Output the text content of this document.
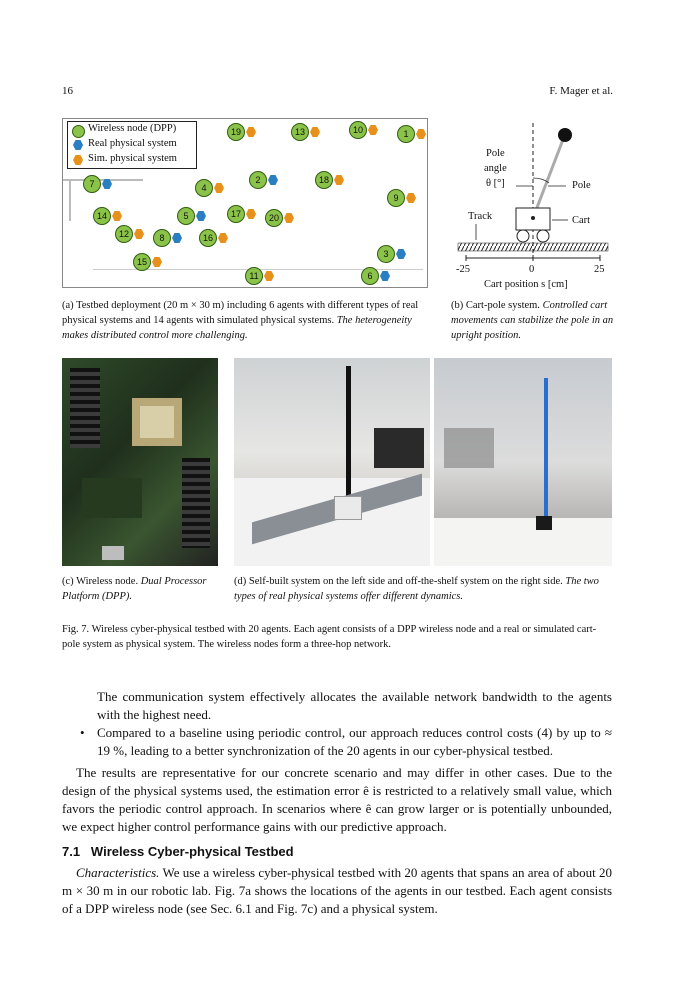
16	F. Mager et al.
Wireless node (DPP)
Real physical system
Sim. physical system
19	13	10	1
7	4
2	18
9
14	5	17	20
12	8	16
15
11
3
6
(a) Testbed deployment (20 m × 30 m) including 6 agents with different types of real physical systems and 14 agents with simulated physical systems. The heterogeneity makes distributed control more challenging.
Pole
angle
θ [°]	Pole
Track	Cart
-25	0	25
Cart position s [cm]
(b) Cart-pole system. Controlled cart movements can stabilize the pole in an upright position.
(c) Wireless node. Dual Processor Platform (DPP).
(d) Self-built system on the left side and off-the-shelf system on the right side. The two types of real physical systems offer different dynamics.
Fig. 7. Wireless cyber-physical testbed with 20 agents. Each agent consists of a DPP wireless node and a real or simulated cart-pole system as physical system. The wireless nodes form a three-hop network.
The communication system effectively allocates the available network bandwidth to the agents with the highest need.
• Compared to a baseline using periodic control, our approach reduces control costs (4) by up to ≈ 19 %, leading to a better synchronization of the 20 agents in our cyber-physical testbed.
The results are representative for our concrete scenario and may differ in other cases. Due to the design of the physical systems used, the estimation error ê is restricted to a relatively small value, which favors the periodic control approach. In scenarios where ê can grow larger or is potentially unbounded, we expect higher control performance gains with our predictive approach.
7.1 Wireless Cyber-physical Testbed
Characteristics. We use a wireless cyber-physical testbed with 20 agents that spans an area of about 20 m × 30 m in our robotic lab. Fig. 7a shows the locations of the agents in our testbed. Each agent consists of a DPP wireless node (see Sec. 6.1 and Fig. 7c) and a physical system.
